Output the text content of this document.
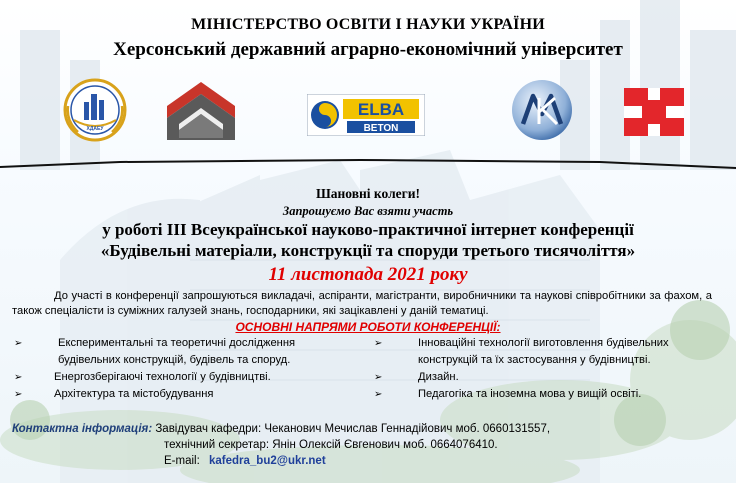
МІНІСТЕРСТВО ОСВІТИ І НАУКИ УКРАЇНИ
Херсонський державний аграрно-економічний університет
ХДАЕУ
ELBA
BETON
Шановні колеги!
Запрошуємо Вас взяти участь
у роботі ІІІ Всеукраїнської науково-практичної інтернет конференції
«Будівельні матеріали, конструкції та споруди третього тисячоліття»
11 листопада 2021 року
До участі в конференції запрошуються викладачі, аспіранти, магістранти, виробничники та наукові співробітники за фахом, а також спеціалісти із суміжних галузей знань, господарники, які зацікавлені у даній тематиці.
ОСНОВНІ НАПРЯМИ РОБОТИ КОНФЕРЕНЦІЇ:
➢	Експериментальні та теоретичні дослідження
будівельних конструкцій, будівель та споруд.
➢	Енергозберігаючі технології у будівництві.
➢	Архітектура та містобудування
➢	Інноваційні технології виготовлення будівельних
конструкцій та їх застосування у будівництві.
➢	Дизайн.
➢	Педагогіка та іноземна мова у вищій освіті.
Контактна інформація: Завідувач кафедри: Чеканович Мечислав Геннадійович моб. 0660131557,
технічний секретар: Янін Олексій Євгенович моб. 0664076410.
E-mail: kafedra_bu2@ukr.net
